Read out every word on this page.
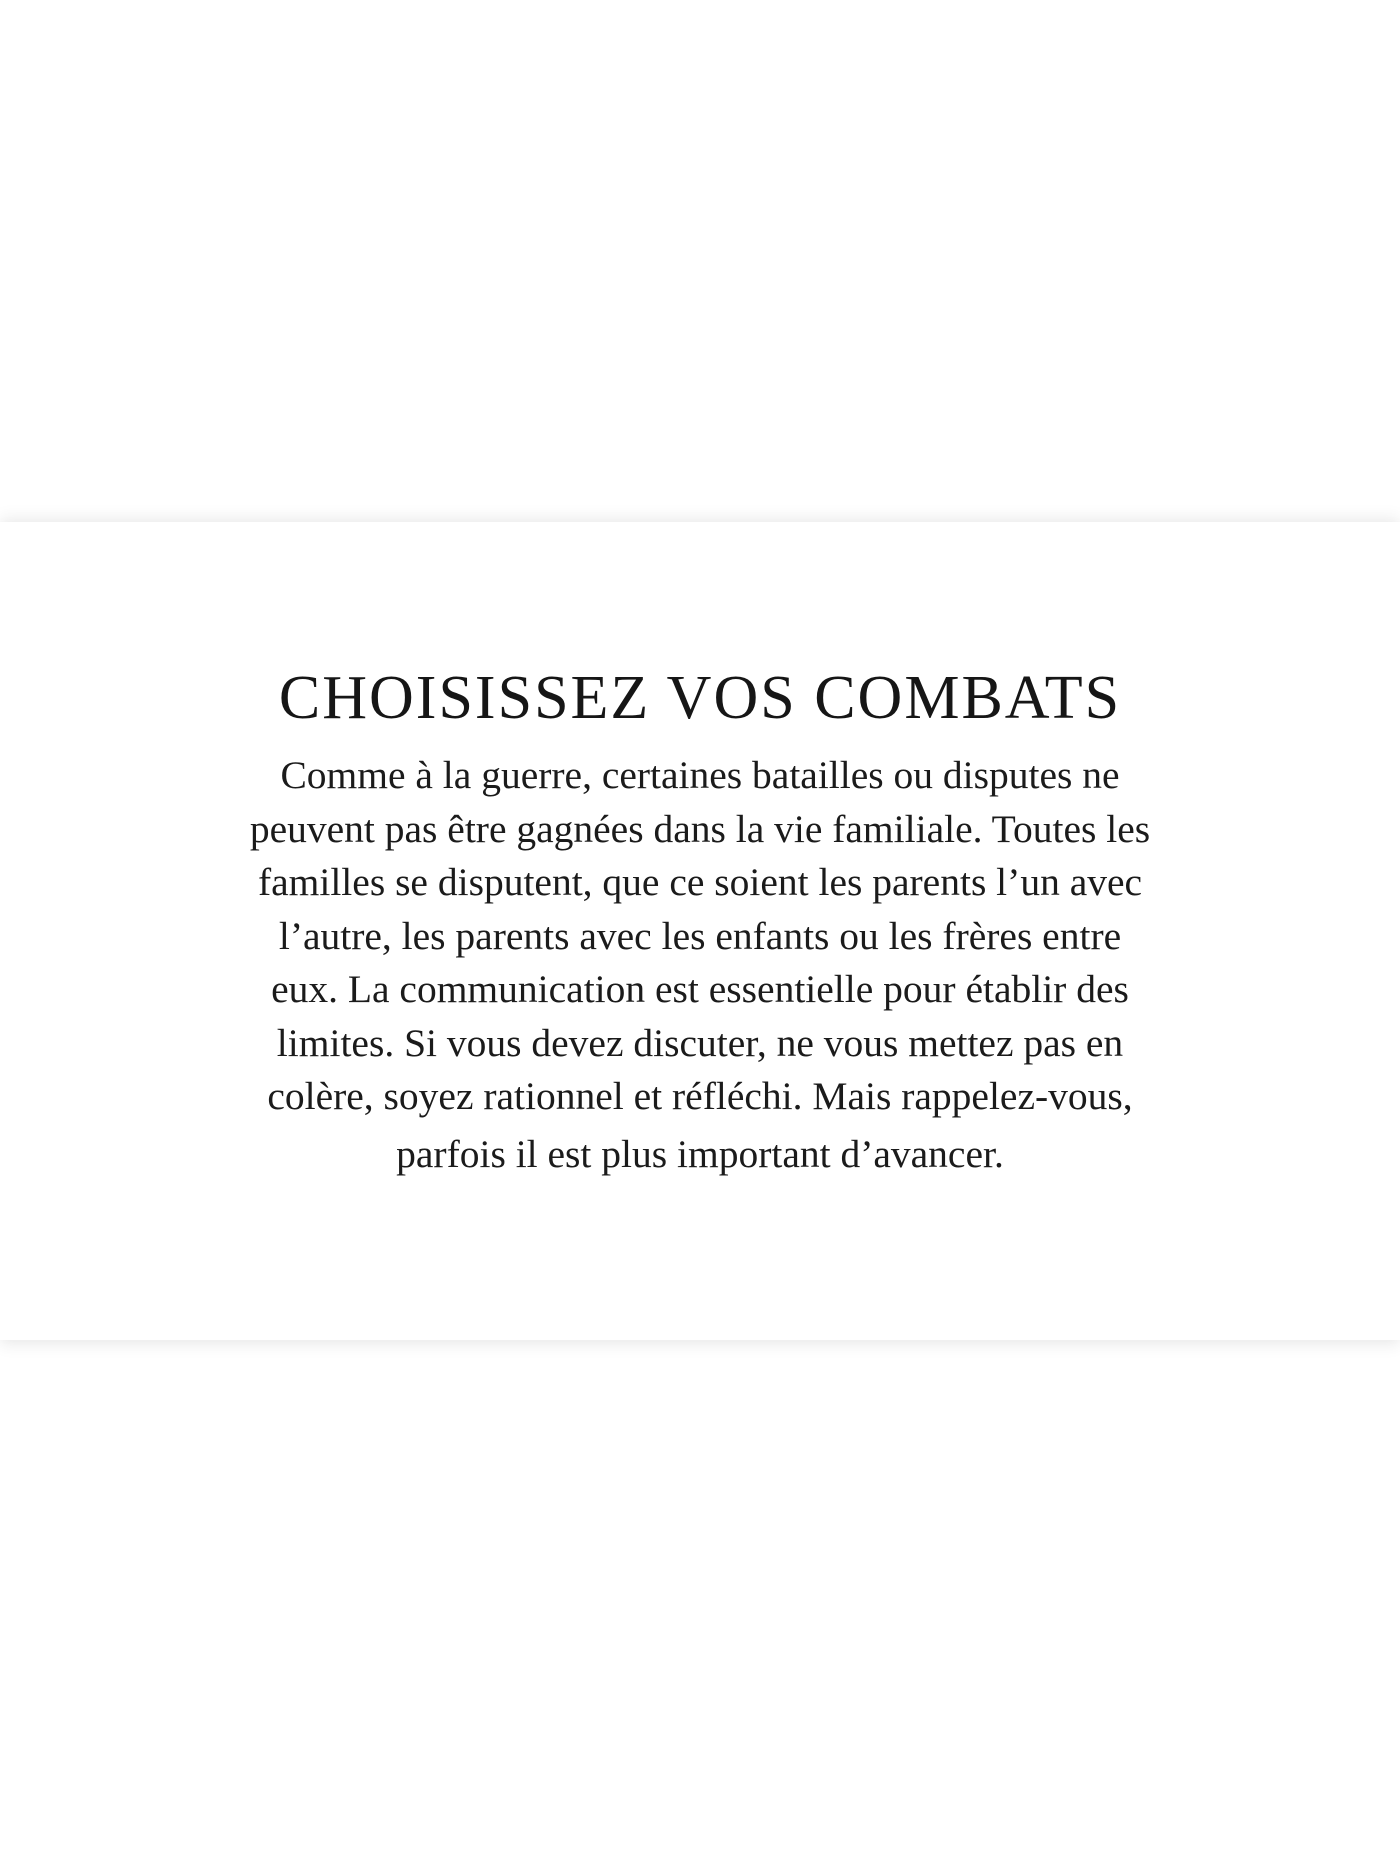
CHOISISSEZ VOS COMBATS
Comme à la guerre, certaines batailles ou disputes ne
peuvent pas être gagnées dans la vie familiale. Toutes les
familles se disputent, que ce soient les parents l’un avec
l’autre, les parents avec les enfants ou les frères entre
eux. La communication est essentielle pour établir des
limites. Si vous devez discuter, ne vous mettez pas en
colère, soyez rationnel et réfléchi. Mais rappelez-vous,
parfois il est plus important d’avancer.
